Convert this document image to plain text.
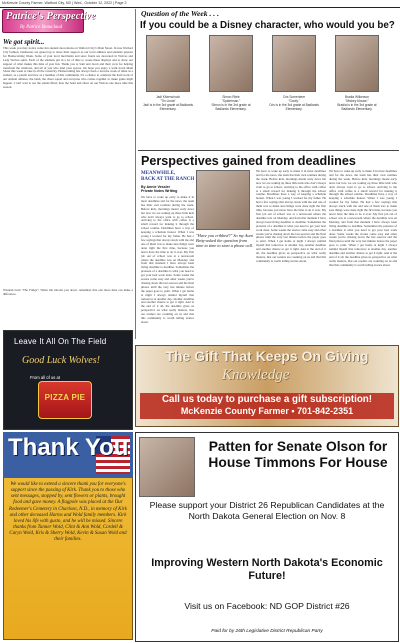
McKenzie County Farmer, Watford City, ND | Wed., October 12, 2022 | Page 2
Patrice's Perspective
By Patrice Beauclaud
We got spirit...
This week you may notice some fun student decorations on Watford City's Main Street. In true Watford City fashion, businesses are geared up to show their support as our local athletes and students prepare for Homecoming Week. Some of your local merchants and store fronts are decorated in Wolves and Lady Wolves spirit. Each of the students put in a lot of time to create these displays and to show our support of what makes this time of year fun. Thank you to Sam and Jacob and their crew for helping transform the windows, and all of you who lend your spaces. We hope you enjoy a walk down Main Street this week to take in all the creativity. Homecoming has always been a favorite week of mine as a student, as a parent and now as a member of this community. It's a chance to celebrate the hard work of our student athletes, the band, the cheer squad and everyone who comes together to make game night happen. I can't wait to see the stands filled, hear the band and cheer on our Wolves one more time this season.
Wisdom from "The Fridge": When life knocks you down, remember that one more time can make a difference.
Leave It All On The Field
Good Luck Wolves!
From all of us at
PIZZA PIE
Question of the Week . . .
If you could be a Disney character, who would you be?
Jadi Kitzenchuck
"Tin Linda"
Jadi is in the 3rd grade at Badlands Elementary.
Simon Riele
"Spiderman."
Simon is in the 3rd grade at Badlands Elementary.
Cris Somerbeer
"Goofy."
Cris is in the 3rd grade at Badlands Elementary.
Bradia Wilkerson
"Mickey Mouse."
Bradia is in the 3rd grade at Badlands Elementary.
Perspectives gained from deadlines
MEANWHILE,
BACK AT THE RANCH
By Annie Vessler
Private Notes Writing
We have to wake up early to make it in most deadlines and for the news, the team has their own routines during the week. Before kids, mornings meant early news but now we are waking up three little kids who don't always want to go to school. Arriving to the office with coffee is a small reward for making it through the school routine. Deadlines have a way of keeping a schedule honest. When I was young I worked for my father. He had a few sayings that always stuck with me and one of them was to make sure things were done right the first time, because you never have the time to do it over. My first job out of school was at a newsroom where the deadline was on Monday, and from that moment I have always been living deadline to deadline. Sometimes the pressure of a deadline is what you need to get your best work done. Some weeks the stories come easy and other weeks you're chasing down the last sources and the final photos until the very last minute before the paper goes to print. When I get home at night I always remind myself that tomorrow is another day, another deadline and another chance to get it right. And at the end of it all, the deadline gives us perspective on what really matters, that our readers are counting on us and that this community is worth telling stories about.
"Have you cribbed?" So my Aunt Betty-asked the question from time to time to start a phone call.
We have to wake up early to make it in most deadlines and for the news, the team has their own routines during the week. Before kids, mornings meant early news but now we are waking up three little kids who don't always want to go to school. Arriving to the office with coffee is a small reward for making it through the school routine. Deadlines have a way of keeping a schedule honest. When I was young I worked for my father. He had a few sayings that always stuck with me and one of them was to make sure things were done right the first time, because you never have the time to do it over. My first job out of school was at a newsroom where the deadline was on Monday, and from that moment I have always been living deadline to deadline. Sometimes the pressure of a deadline is what you need to get your best work done. Some weeks the stories come easy and other weeks you're chasing down the last sources and the final photos until the very last minute before the paper goes to print. When I get home at night I always remind myself that tomorrow is another day, another deadline and another chance to get it right. And at the end of it all, the deadline gives us perspective on what really matters, that our readers are counting on us and that this community is worth telling stories about.
We have to wake up early to make it in most deadlines and for the news, the team has their own routines during the week. Before kids, mornings meant early news but now we are waking up three little kids who don't always want to go to school. Arriving to the office with coffee is a small reward for making it through the school routine. Deadlines have a way of keeping a schedule honest. When I was young I worked for my father. He had a few sayings that always stuck with me and one of them was to make sure things were done right the first time, because you never have the time to do it over. My first job out of school was at a newsroom where the deadline was on Monday, and from that moment I have always been living deadline to deadline. Sometimes the pressure of a deadline is what you need to get your best work done. Some weeks the stories come easy and other weeks you're chasing down the last sources and the final photos until the very last minute before the paper goes to print. When I get home at night I always remind myself that tomorrow is another day, another deadline and another chance to get it right. And at the end of it all, the deadline gives us perspective on what really matters, that our readers are counting on us and that this community is worth telling stories about.
The Gift That Keeps On Giving
Knowledge
Call us today to purchase a gift subscription!
McKenzie County Farmer • 701-842-2351
Thank You
We would like to extend a sincere thank you for everyone's support since the passing of Kirk. Thank you to those who sent messages, stopped by, sent flowers or plants, brought food and gave money. A flagpole was placed at the Our Redeemer's Cemetery in Charlson, N.D., in memory of Kirk and other deceased Harms and Wold family members. Kirk loved his life with gusto, and he will be missed. Sincere thanks from Tanner Wold, Clint & Ann Wold, Cordell & Caryn Wold, Kris & Sherry Wold, Kevin & Susan Wold and their families.
Patten for Senate Olson for House Timmons For House
Please support your District 26 Republican Candidates at the North Dakota General Election on Nov. 8
Improving Western North Dakota's Economic Future!
Visit us on Facebook: ND GOP District #26
Paid for by 26th Legislative District Republican Party
